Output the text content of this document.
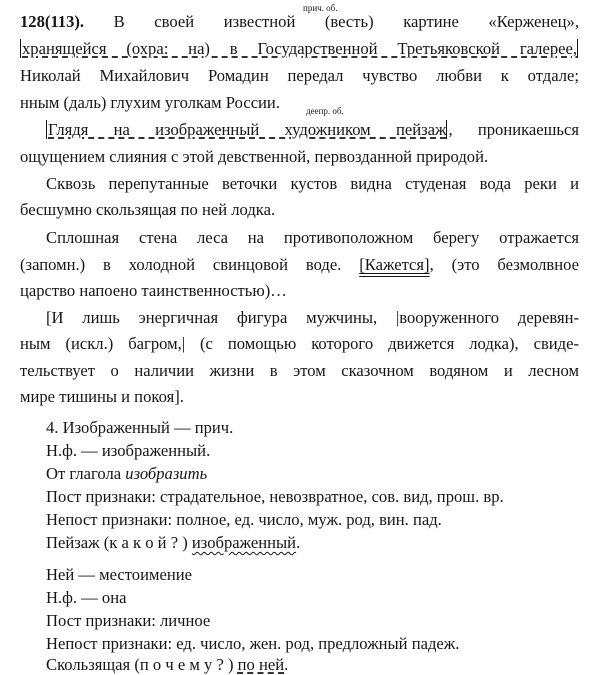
прич. об.
деепр. об.
128(113). В своей известной (весть) картине «Керженец»,
хранящейся (охра: на) в Государственной Третьяковской галерее,
Николай Михайлович Ромадин передал чувство любви к отдале;
нным (даль) глухим уголкам России.
Глядя на изображенный художником пейзаж , проникаешься
ощущением слияния с этой девственной, первозданной природой.
Сквозь перепутанные веточки кустов видна студеная вода реки и
бесшумно скользящая по ней лодка.
Сплошная стена леса на противоположном берегу отражается
(запомн.) в холодной свинцовой воде. [Кажется], (это безмолвное
царство напоено таинственностью)…
[И лишь энергичная фигура мужчины, |вооруженного деревян-
ным (искл.) багром,| (с помощью которого движется лодка), свиде-
тельствует о наличии жизни в этом сказочном водяном и лесном
мире тишины и покоя].
4. Изображенный — прич.
Н.ф. — изображенный.
От глагола изобразить
Пост признаки: страдательное, невозвратное, сов. вид, прош. вр.
Непост признаки: полное, ед. число, муж. род, вин. пад.
Пейзаж (к а к о й ? ) изображенный.
Ней — местоимение
Н.ф. — она
Пост признаки: личное
Непост признаки: ед. число, жен. род, предложный падеж.
Скользящая (п о ч е м у ? ) по ней.
